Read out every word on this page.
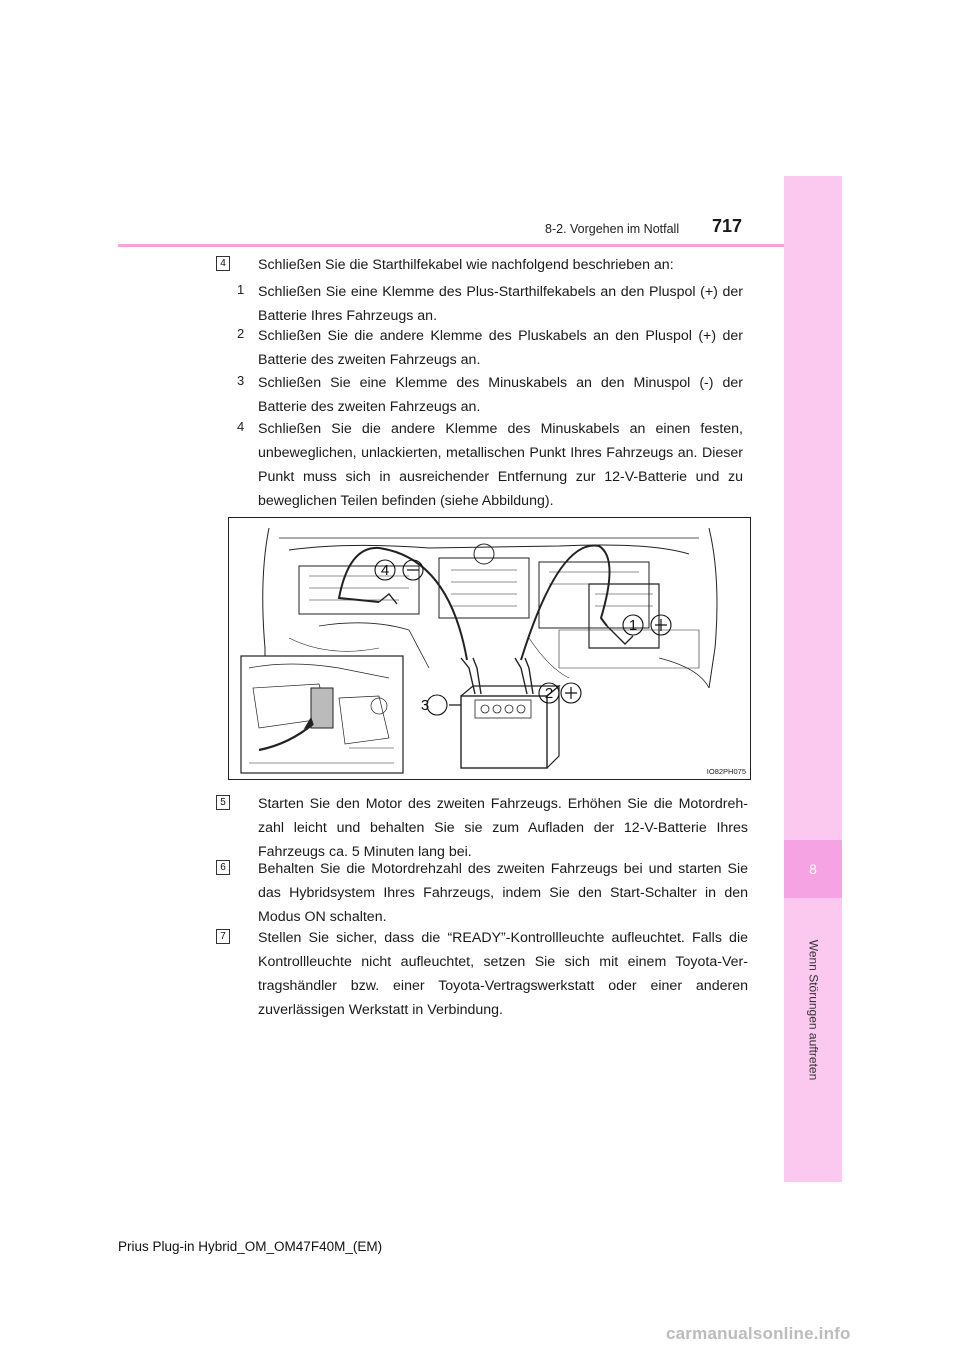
8
Wenn Störungen auftreten
8-2. Vorgehen im Notfall 717
4 Schließen Sie die Starthilfekabel wie nachfolgend beschrieben an:
1 Schließen Sie eine Klemme des Plus-Starthilfekabels an den Pluspol (+) der Batterie Ihres Fahrzeugs an.
2 Schließen Sie die andere Klemme des Pluskabels an den Pluspol (+) der Batterie des zweiten Fahrzeugs an.
3 Schließen Sie eine Klemme des Minuskabels an den Minuspol (-) der Batterie des zweiten Fahrzeugs an.
4 Schließen Sie die andere Klemme des Minuskabels an einen festen, unbeweglichen, unlackierten, metallischen Punkt Ihres Fahrzeugs an. Dieser Punkt muss sich in ausreichender Entfernung zur 12-V-Batterie und zu beweglichen Teilen befinden (siehe Abbildung).
4
1
3
2
IO82PH075
5 Starten Sie den Motor des zweiten Fahrzeugs. Erhöhen Sie die Motordrehzahl leicht und behalten Sie sie zum Aufladen der 12-V-Batterie Ihres Fahrzeugs ca. 5 Minuten lang bei.
6 Behalten Sie die Motordrehzahl des zweiten Fahrzeugs bei und starten Sie das Hybridsystem Ihres Fahrzeugs, indem Sie den Start-Schalter in den Modus ON schalten.
7 Stellen Sie sicher, dass die “READY”-Kontrollleuchte aufleuchtet. Falls die Kontrollleuchte nicht aufleuchtet, setzen Sie sich mit einem Toyota-Vertragshändler bzw. einer Toyota-Vertragswerkstatt oder einer anderen zuverlässigen Werkstatt in Verbindung.
Prius Plug-in Hybrid_OM_OM47F40M_(EM)
carmanualsonline.info
